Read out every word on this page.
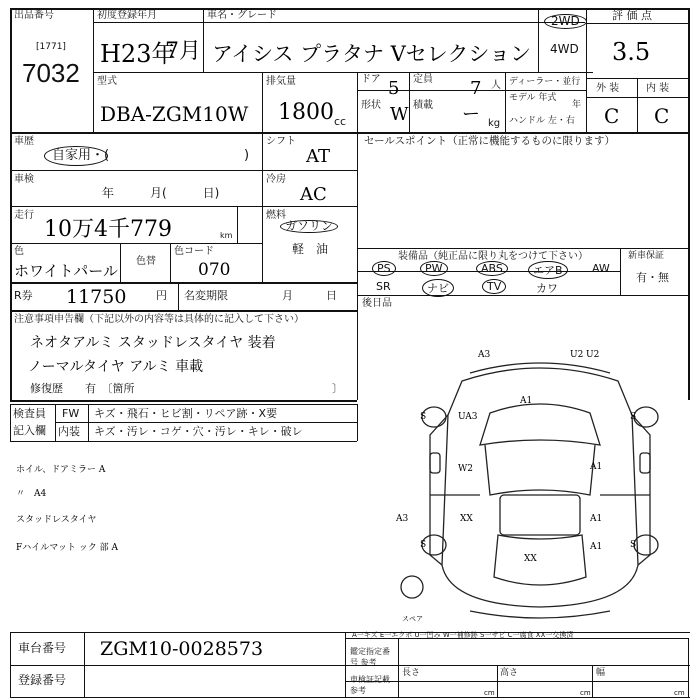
出品番号
[1771]
7032
初度登録年月
H23年
7月
車名・グレード
アイシス プラタナ Vセレクション
2WD
4WD
評 価 点
3.5
型式
DBA-ZGM10W
排気量
1800 cc
ドア 5
形状 W
定員 7 人
積載 ー kg
ディーラー・並行
モデル 年式
年
ハンドル 左・右
外 装	内 装
C C
車歴
自家用・(	)
シフト
AT
セールスポイント（正常に機能するものに限ります）
車検
年　　　月(　　　日)
冷房
AC
走行
10万4千779	km
燃料
ガソリン
軽　油
色
ホワイトパール
色替
色コード
070
R券 11750	円 名変期限	月　　　日
装備品（純正品に限り丸をつけて下さい）	新車保証
有・無
PS	PW	ABS	エアB	AW
SR	ナビ	TV	カワ
後日品
注意事項申告欄（下記以外の内容等は具体的に記入して下さい）
ネオタアルミ スタッドレスタイヤ 装着
ノーマルタイヤ アルミ 車載
修復歴　　有　〔箇所	〕
検査員
記入欄
FW キズ・飛石・ヒビ割・リペア跡・X要
内装 キズ・汚レ・コゲ・穴・汚レ・キレ・破レ
ホイル、ドアミラー A
〃　A4
スタッドレスタイヤ
Fハイルマット ック 部 A
A3
A1
U2 U2
A3
UA3
A1
W2
A1
XX
A1
XX
S	S
S	S
スペア
車台番号 ZGM10-0028573
A一キズ E一エクボ U一凹み W一補修跡 S一サビ C一腐食 XX一交換済
登録番号
鑑定指定番号 参考
車検証記載 参考
長さ	高さ	幅
cm	cm	cm
